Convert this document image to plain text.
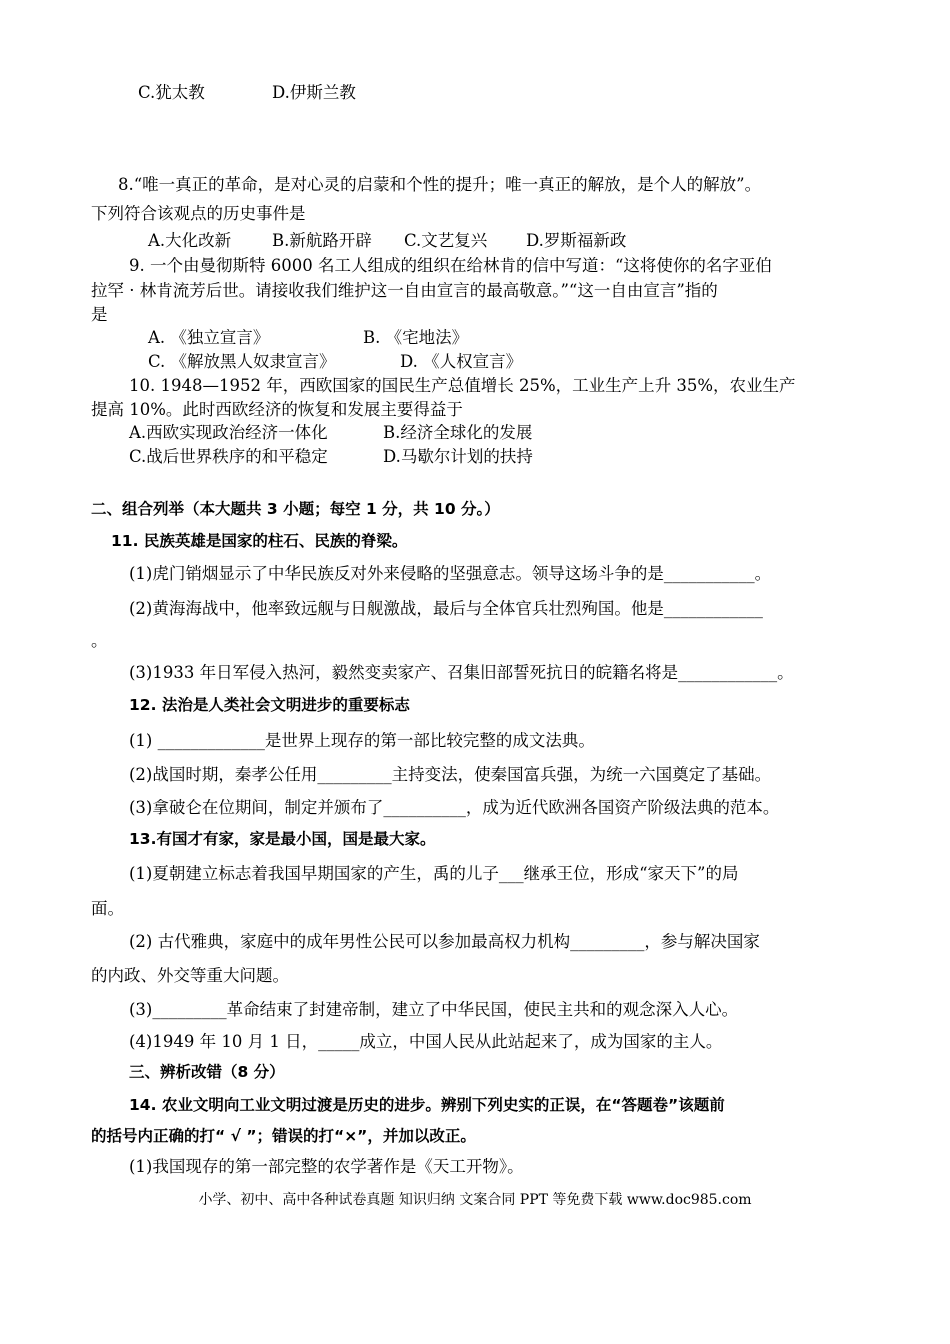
C.犹太教	D.伊斯兰教
8.“唯一真正的革命，是对心灵的启蒙和个性的提升；唯一真正的解放，是个人的解放”。
下列符合该观点的历史事件是
A.大化改新 B.新航路开辟 C.文艺复兴 D.罗斯福新政
9. 一个由曼彻斯特 6000 名工人组成的组织在给林肯的信中写道：“这将使你的名字亚伯
拉罕 · 林肯流芳后世。请接收我们维护这一自由宣言的最高敬意。”“这一自由宣言”指的
是
A. 《独立宣言》	B. 《宅地法》
C. 《解放黑人奴隶宣言》	D. 《人权宣言》
10. 1948—1952 年，西欧国家的国民生产总值增长 25%，工业生产上升 35%，农业生产
提高 10%。此时西欧经济的恢复和发展主要得益于
A.西欧实现政治经济一体化	B.经济全球化的发展
C.战后世界秩序的和平稳定	D.马歇尔计划的扶持
二、组合列举（本大题共 3 小题；每空 1 分，共 10 分。）
11. 民族英雄是国家的柱石、民族的脊梁。
(1)虎门销烟显示了中华民族反对外来侵略的坚强意志。领导这场斗争的是___________。
(2)黄海海战中，他率致远舰与日舰激战，最后与全体官兵壮烈殉国。他是____________
。
(3)1933 年日军侵入热河，毅然变卖家产、召集旧部誓死抗日的皖籍名将是____________。
12. 法治是人类社会文明进步的重要标志
(1) _____________是世界上现存的第一部比较完整的成文法典。
(2)战国时期，秦孝公任用_________主持变法，使秦国富兵强，为统一六国奠定了基础。
(3)拿破仑在位期间，制定并颁布了__________，成为近代欧洲各国资产阶级法典的范本。
13.有国才有家，家是最小国，国是最大家。
(1)夏朝建立标志着我国早期国家的产生，禹的儿子___继承王位，形成“家天下”的局
面。
(2) 古代雅典，家庭中的成年男性公民可以参加最高权力机构_________，参与解决国家
的内政、外交等重大问题。
(3)_________革命结束了封建帝制，建立了中华民国，使民主共和的观念深入人心。
(4)1949 年 10 月 1 日，_____成立，中国人民从此站起来了，成为国家的主人。
三、辨析改错（8 分）
14. 农业文明向工业文明过渡是历史的进步。辨别下列史实的正误，在“答题卷”该题前
的括号内正确的打“ √ ”；错误的打“×”，并加以改正。
(1)我国现存的第一部完整的农学著作是《天工开物》。
小学、初中、高中各种试卷真题 知识归纳 文案合同 PPT 等免费下载 www.doc985.com
